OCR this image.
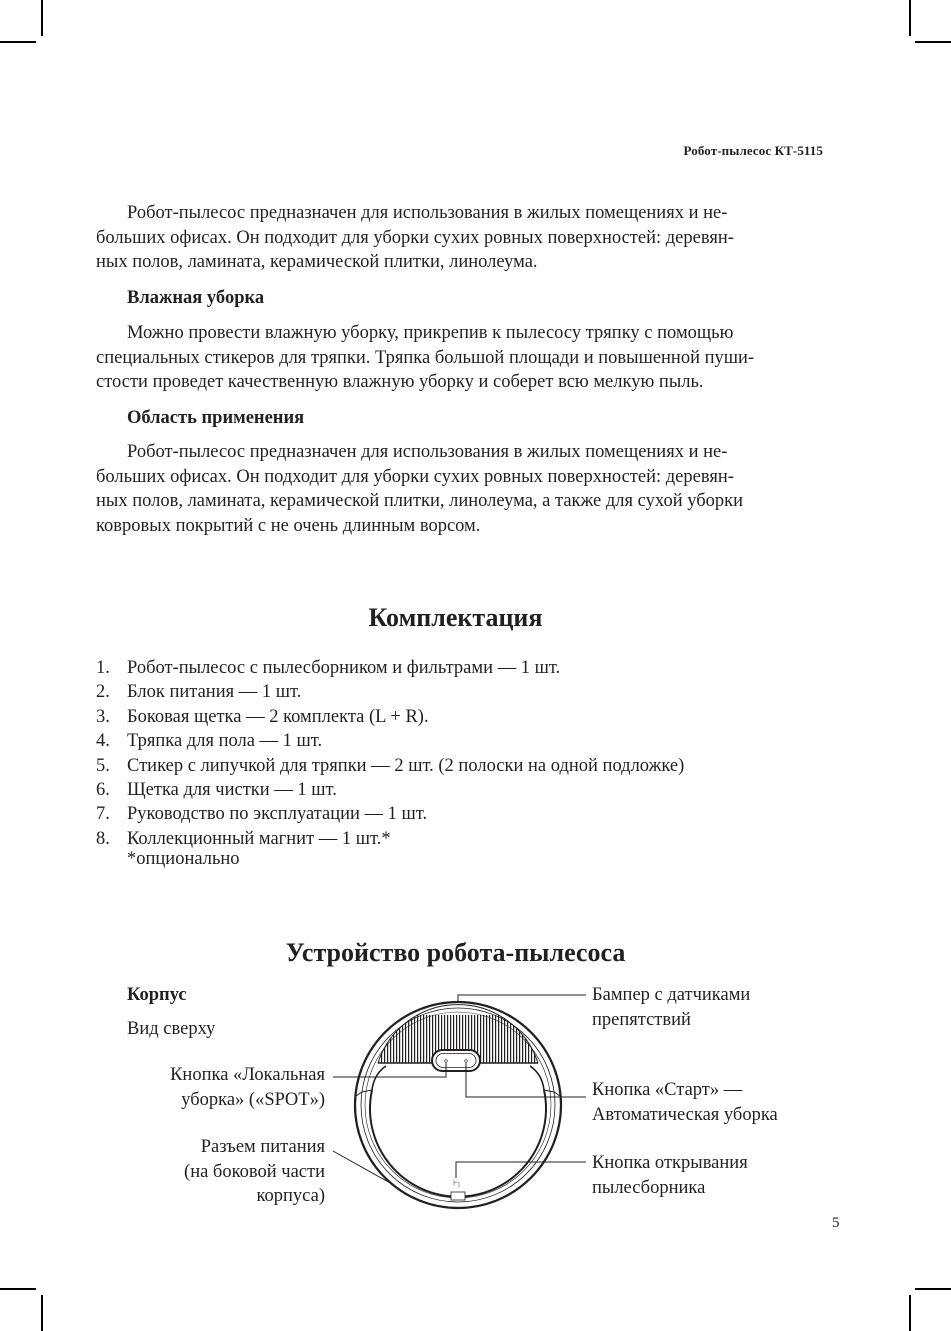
Робот-пылесос КТ-5115

Робот-пылесос предназначен для использования в жилых помещениях и не-
больших офисах. Он подходит для уборки сухих ровных поверхностей: деревян-
ных полов, ламината, керамической плитки, линолеума.

Влажная уборка

Можно провести влажную уборку, прикрепив к пылесосу тряпку с помощью
специальных стикеров для тряпки. Тряпка большой площади и повышенной пуши-
стости проведет качественную влажную уборку и соберет всю мелкую пыль.

Область применения

Робот-пылесос предназначен для использования в жилых помещениях и не-
больших офисах. Он подходит для уборки сухих ровных поверхностей: деревян-
ных полов, ламината, керамической плитки, линолеума, а также для сухой уборки
ковровых покрытий с не очень длинным ворсом.

Комплектация
1. Робот-пылесос с пылесборником и фильтрами — 1 шт.
2. Блок питания — 1 шт.
3. Боковая щетка — 2 комплекта (L + R).
4. Тряпка для пола — 1 шт.
5. Стикер с липучкой для тряпки — 2 шт. (2 полоски на одной подложке)
6. Щетка для чистки — 1 шт.
7. Руководство по эксплуатации — 1 шт.
8. Коллекционный магнит — 1 шт.*
*опционально
Устройство робота-пылесоса
Корпус
Вид сверху
Кнопка «Локальная
уборка» («SPOT»)
Разъем питания
(на боковой части
корпуса)
Бампер с датчиками
препятствий
Кнопка «Старт» —
Автоматическая уборка
Кнопка открывания
пылесборника
5
